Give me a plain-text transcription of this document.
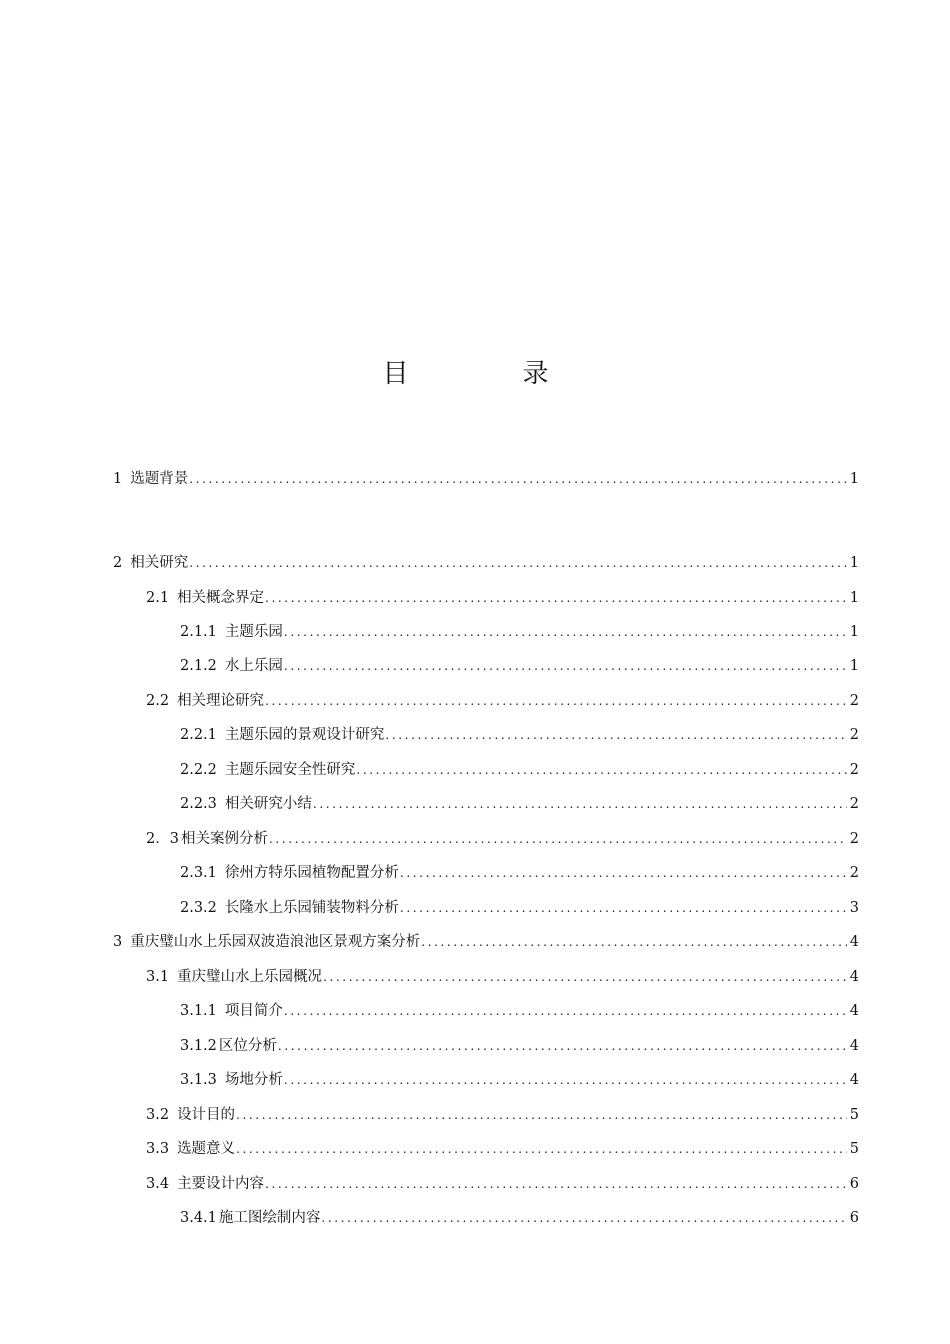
目　录
1 选题背景 .....	1
2 相关研究 .....	1
2.1 相关概念界定 .....	1
2.1.1 主题乐园 .....	1
2.1.2 水上乐园 .....	1
2.2 相关理论研究 .....	2
2.2.1 主题乐园的景观设计研究 .....	2
2.2.2 主题乐园安全性研究 .....	2
2.2.3 相关研究小结 .....	2
2．3 相关案例分析 .....	2
2.3.1 徐州方特乐园植物配置分析 .....	2
2.3.2 长隆水上乐园铺装物料分析 .....	3
3 重庆璧山水上乐园双波造浪池区景观方案分析 .....	4
3.1 重庆璧山水上乐园概况 .....	4
3.1.1 项目简介 .....	4
3.1.2 区位分析 .....	4
3.1.3 场地分析 .....	4
3.2 设计目的 .....	5
3.3 选题意义 .....	5
3.4 主要设计内容 .....	6
3.4.1 施工图绘制内容 .....	6
